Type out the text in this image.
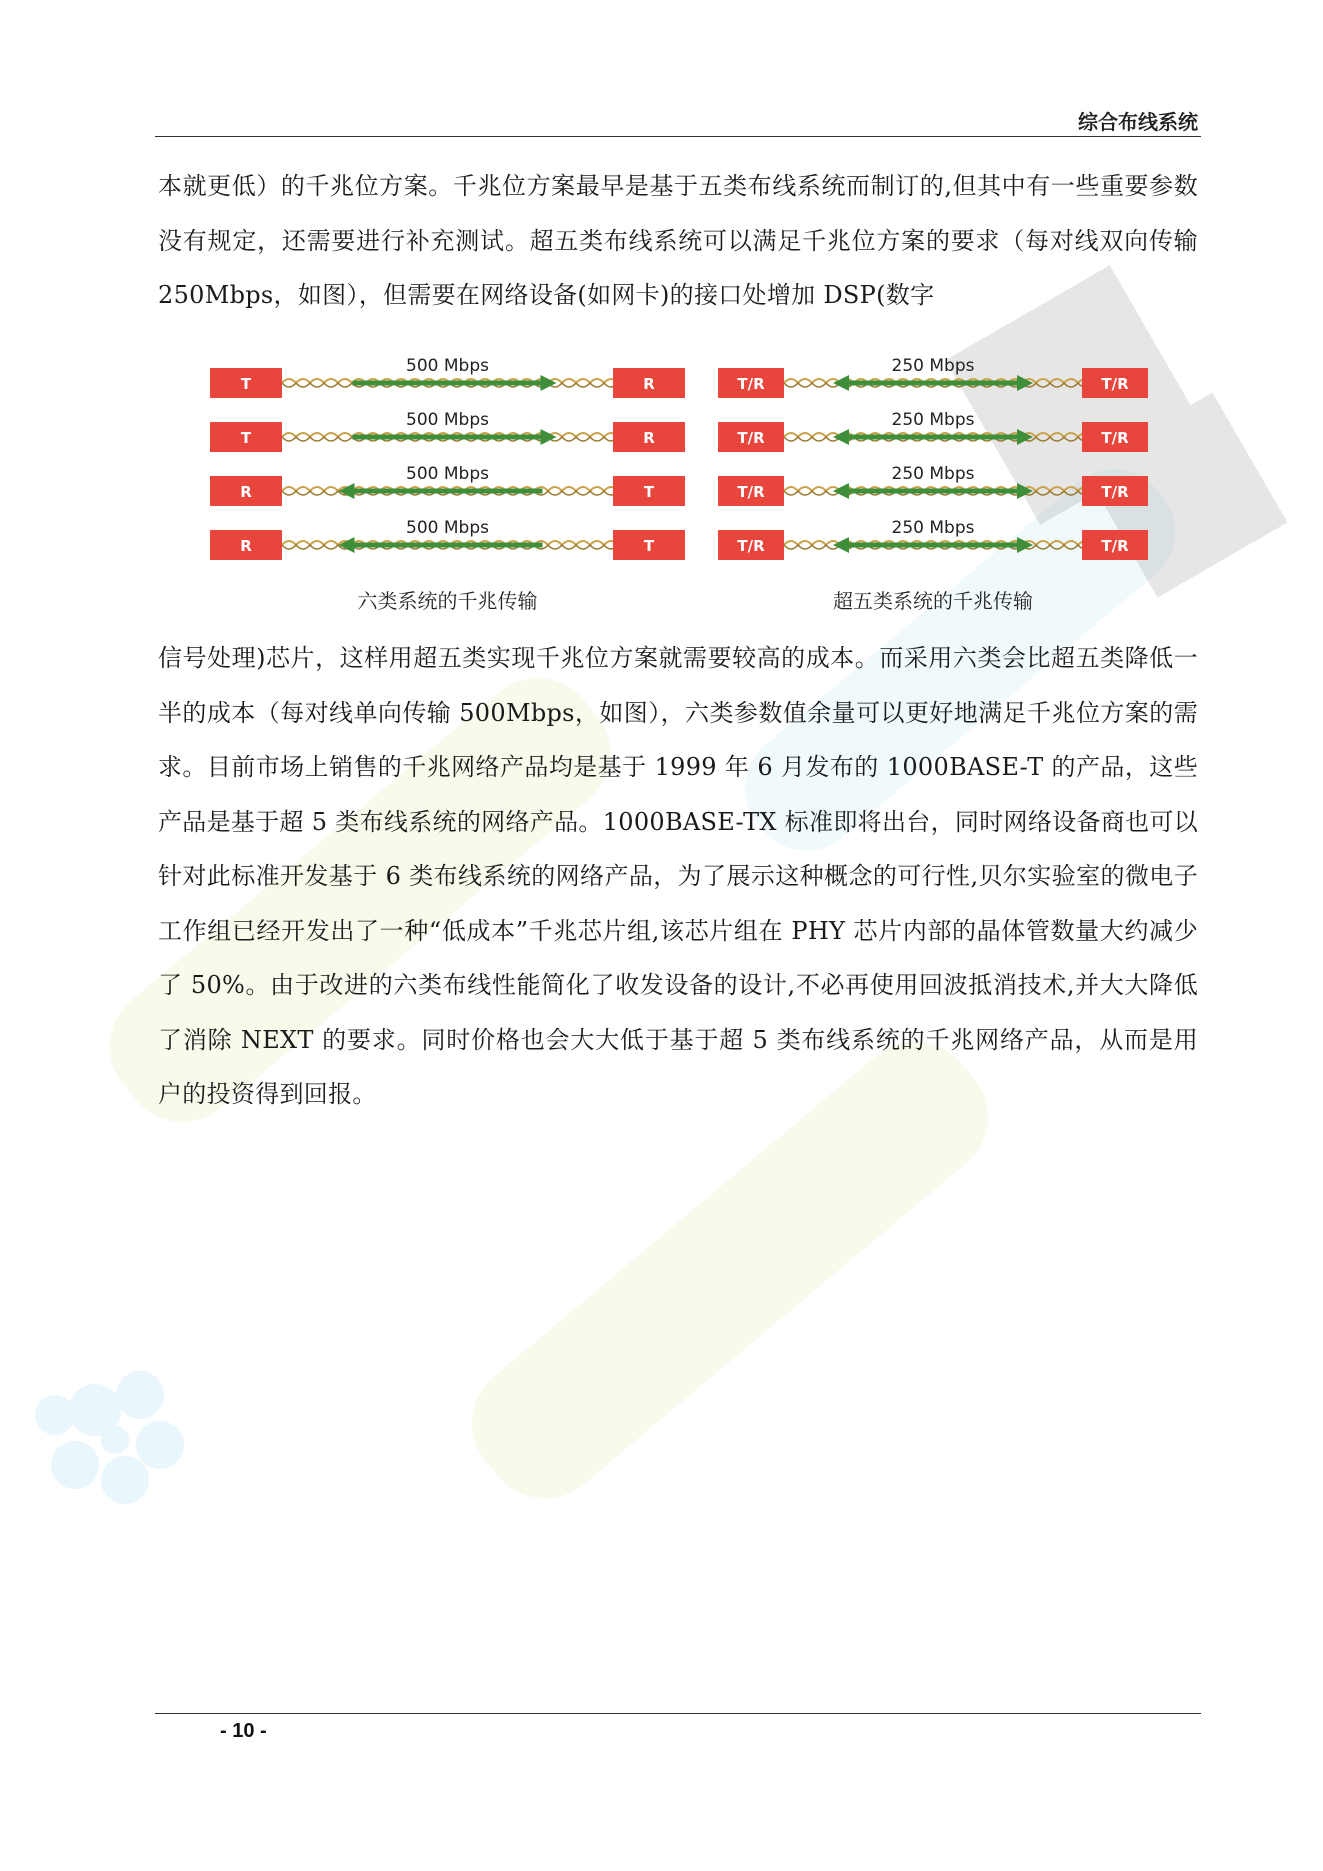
综合布线系统

本就更低）的千兆位方案。千兆位方案最早是基于五类布线系统而制订的,但其中有一些重要参数没有规定，还需要进行补充测试。超五类布线系统可以满足千兆位方案的要求（每对线双向传输 250Mbps，如图），但需要在网络设备(如网卡)的接口处增加 DSP(数字

500 Mbps
T	R
500 Mbps
T	R
500 Mbps
R	T
500 Mbps
R	T
六类系统的千兆传输
250 Mbps
T/R	T/R
250 Mbps
T/R	T/R
250 Mbps
T/R	T/R
250 Mbps
T/R	T/R
超五类系统的千兆传输

信号处理)芯片，这样用超五类实现千兆位方案就需要较高的成本。而采用六类会比超五类降低一半的成本（每对线单向传输 500Mbps，如图），六类参数值余量可以更好地满足千兆位方案的需求。目前市场上销售的千兆网络产品均是基于 1999 年 6 月发布的 1000BASE-T 的产品，这些产品是基于超 5 类布线系统的网络产品。1000BASE-TX 标准即将出台，同时网络设备商也可以针对此标准开发基于 6 类布线系统的网络产品，为了展示这种概念的可行性,贝尔实验室的微电子工作组已经开发出了一种“低成本”千兆芯片组,该芯片组在 PHY 芯片内部的晶体管数量大约减少 了 50%。由于改进的六类布线性能简化了收发设备的设计,不必再使用回波抵消技术,并大大降低了消除 NEXT 的要求。同时价格也会大大低于基于超 5 类布线系统的千兆网络产品，从而是用户的投资得到回报。

- 10 -
